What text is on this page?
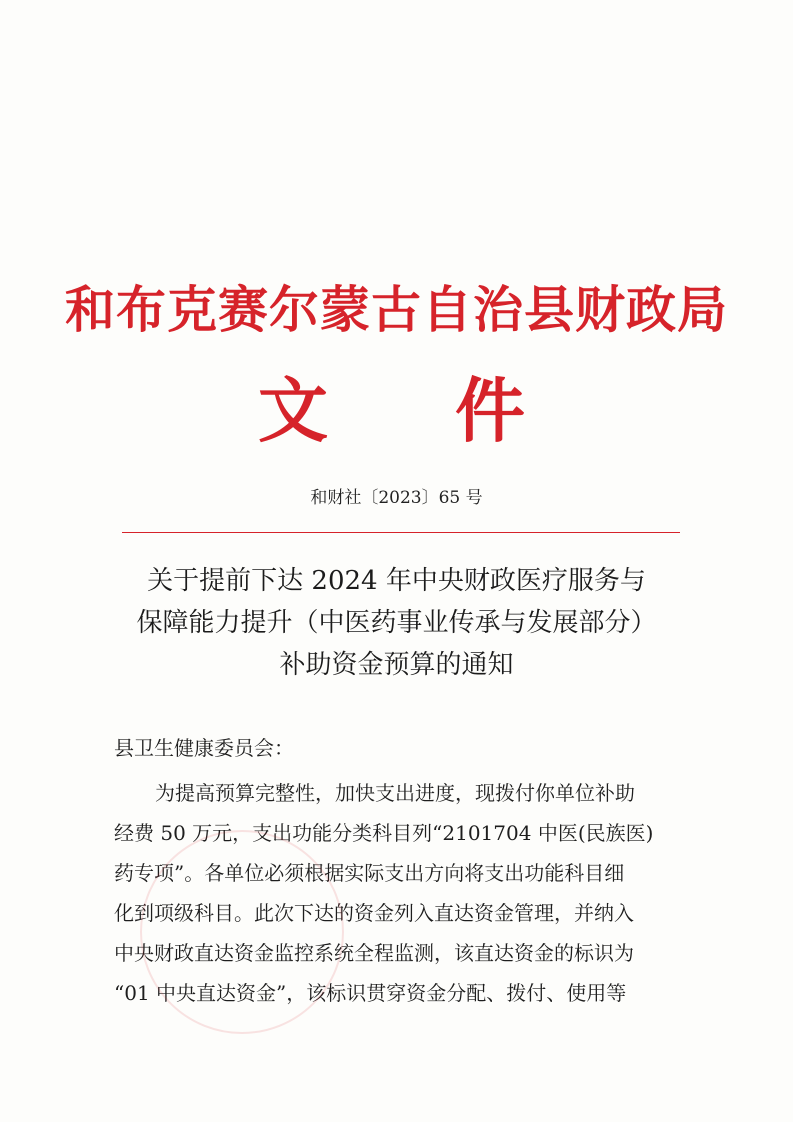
和布克赛尔蒙古自治县财政局
文 件
和财社〔2023〕65 号
关于提前下达 2024 年中央财政医疗服务与
保障能力提升（中医药事业传承与发展部分）
补助资金预算的通知
县卫生健康委员会：
为提高预算完整性，加快支出进度，现拨付你单位补助
经费 50 万元，支出功能分类科目列“2101704 中医(民族医)
药专项”。各单位必须根据实际支出方向将支出功能科目细
化到项级科目。此次下达的资金列入直达资金管理，并纳入
中央财政直达资金监控系统全程监测，该直达资金的标识为
“01 中央直达资金”，该标识贯穿资金分配、拨付、使用等
